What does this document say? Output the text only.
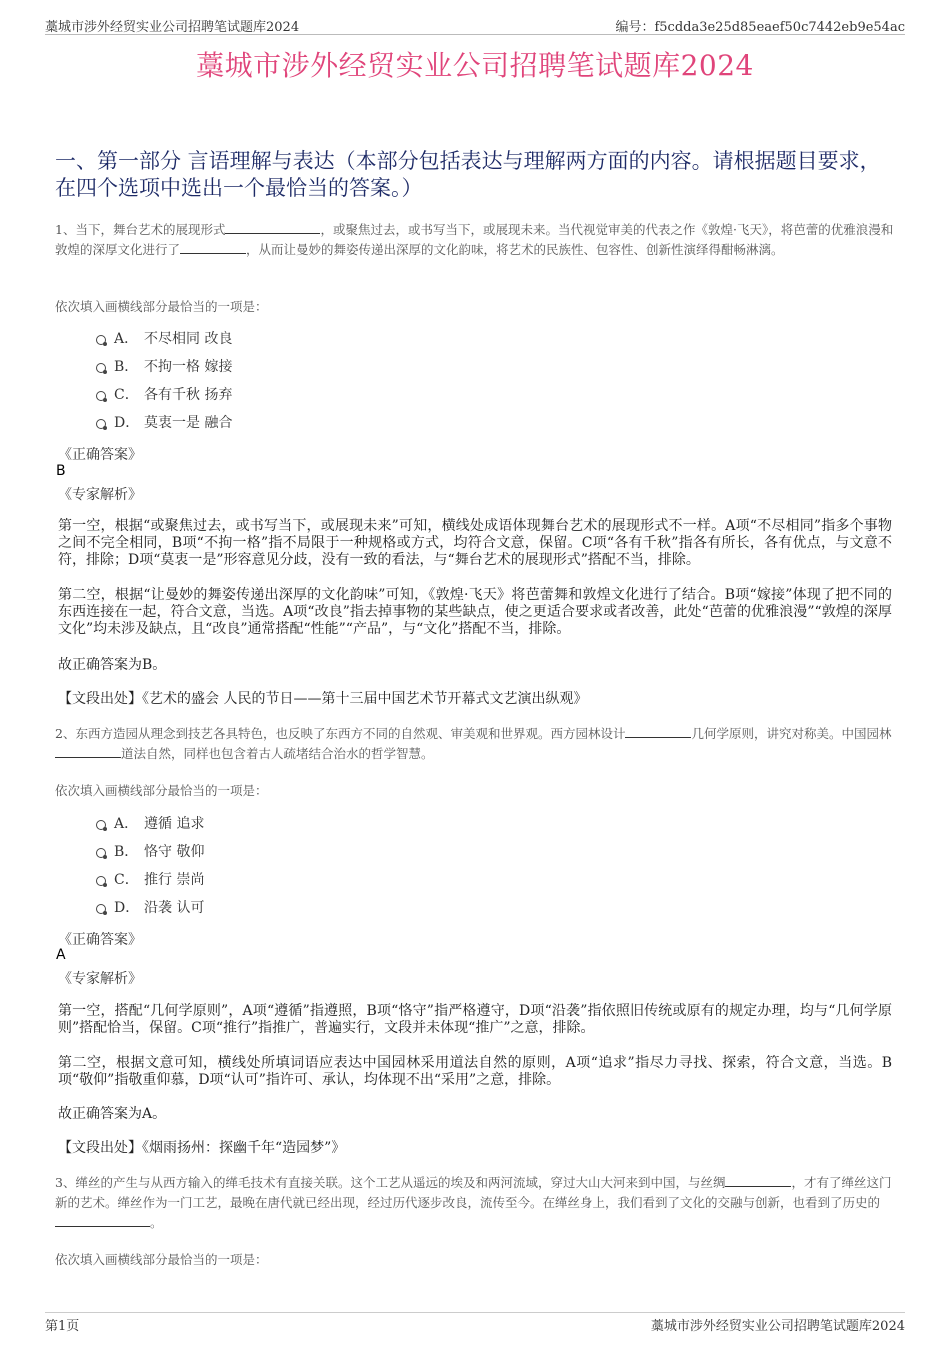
藁城市涉外经贸实业公司招聘笔试题库2024	编号：f5cdda3e25d85eaef50c7442eb9e54ac
藁城市涉外经贸实业公司招聘笔试题库2024
一、第一部分 言语理解与表达（本部分包括表达与理解两方面的内容。请根据题目要求，在四个选项中选出一个最恰当的答案。）
1、当下，舞台艺术的展现形式	，或聚焦过去，或书写当下，或展现未来。当代视觉审美的代表之作《敦煌·飞天》，将芭蕾的优雅浪漫和敦煌的深厚文化进行了	，从而让曼妙的舞姿传递出深厚的文化韵味，将艺术的民族性、包容性、创新性演绎得酣畅淋漓。
依次填入画横线部分最恰当的一项是：
A． 不尽相同 改良
B． 不拘一格 嫁接
C． 各有千秋 扬弃
D． 莫衷一是 融合
《正确答案》
B
《专家解析》
第一空，根据“或聚焦过去，或书写当下，或展现未来”可知，横线处成语体现舞台艺术的展现形式不一样。A项“不尽相同”指多个事物之间不完全相同，B项“不拘一格”指不局限于一种规格或方式，均符合文意，保留。C项“各有千秋”指各有所长，各有优点，与文意不符，排除；D项“莫衷一是”形容意见分歧，没有一致的看法，与“舞台艺术的展现形式”搭配不当，排除。
第二空，根据“让曼妙的舞姿传递出深厚的文化韵味”可知，《敦煌·飞天》将芭蕾舞和敦煌文化进行了结合。B项“嫁接”体现了把不同的东西连接在一起，符合文意，当选。A项“改良”指去掉事物的某些缺点，使之更适合要求或者改善，此处“芭蕾的优雅浪漫”“敦煌的深厚文化”均未涉及缺点，且“改良”通常搭配“性能”“产品”，与“文化”搭配不当，排除。
故正确答案为B。
【文段出处】《艺术的盛会 人民的节日——第十三届中国艺术节开幕式文艺演出纵观》
2、东西方造园从理念到技艺各具特色，也反映了东西方不同的自然观、审美观和世界观。西方园林设计	几何学原则，讲究对称美。中国园林道法自然，同样也包含着古人疏堵结合治水的哲学智慧。
依次填入画横线部分最恰当的一项是：
A． 遵循 追求
B． 恪守 敬仰
C． 推行 崇尚
D． 沿袭 认可
《正确答案》
A
《专家解析》
第一空，搭配“几何学原则”，A项“遵循”指遵照，B项“恪守”指严格遵守，D项“沿袭”指依照旧传统或原有的规定办理，均与“几何学原则”搭配恰当，保留。C项“推行”指推广，普遍实行，文段并未体现“推广”之意，排除。
第二空，根据文意可知，横线处所填词语应表达中国园林采用道法自然的原则，A项“追求”指尽力寻找、探索，符合文意，当选。B项“敬仰”指敬重仰慕，D项“认可”指许可、承认，均体现不出“采用”之意，排除。
故正确答案为A。
【文段出处】《烟雨扬州：探幽千年“造园梦”》
3、缂丝的产生与从西方输入的缂毛技术有直接关联。这个工艺从遥远的埃及和两河流域，穿过大山大河来到中国，与丝绸	，才有了缂丝这门新的艺术。缂丝作为一门工艺，最晚在唐代就已经出现，经过历代逐步改良，流传至今。在缂丝身上，我们看到了文化的交融与创新，也看到了历史的。
依次填入画横线部分最恰当的一项是：
第1页	藁城市涉外经贸实业公司招聘笔试题库2024
